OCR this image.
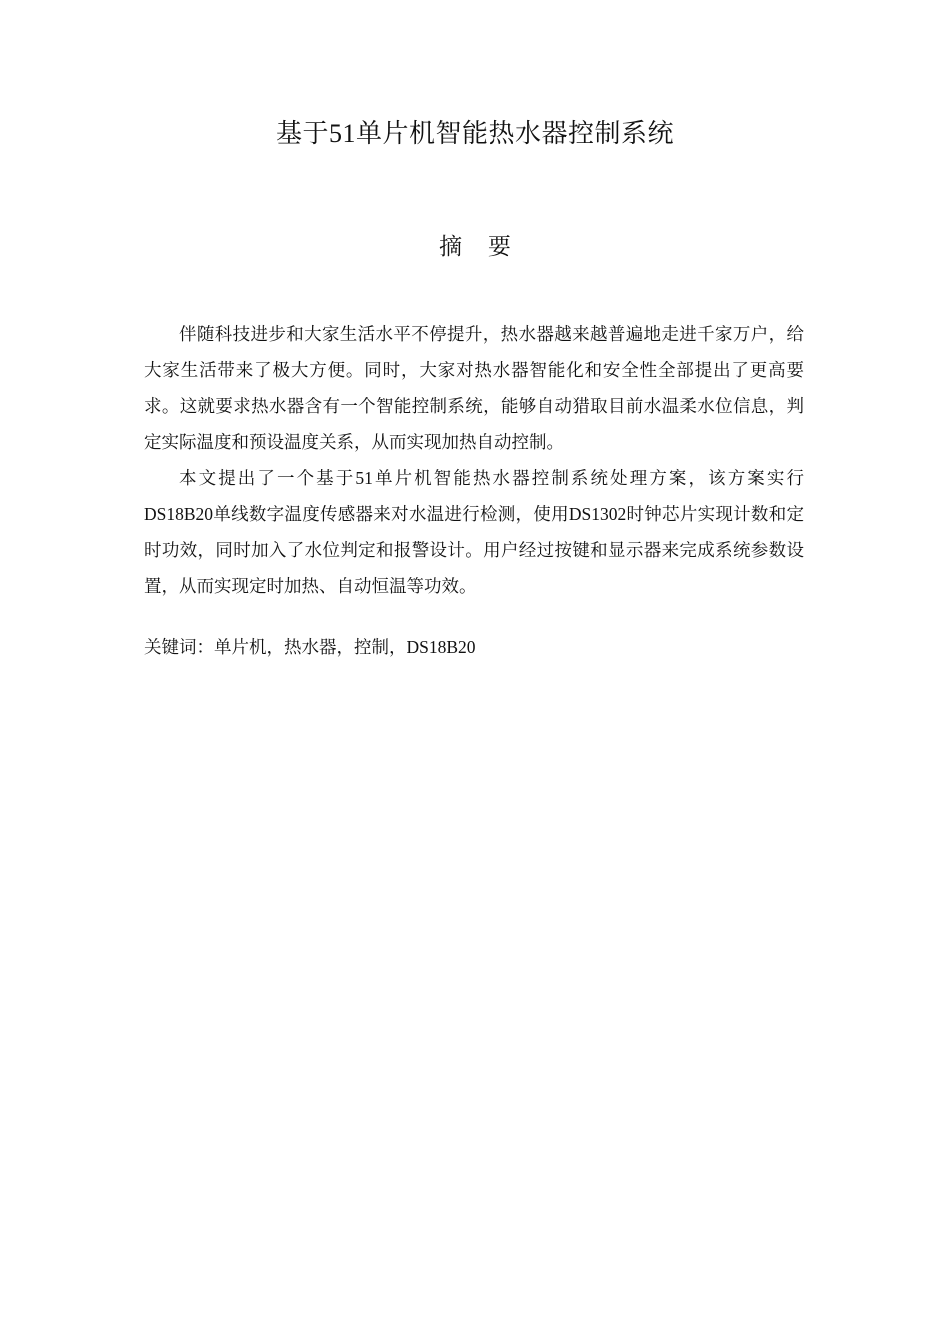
基于51单片机智能热水器控制系统
摘 要

伴随科技进步和大家生活水平不停提升，热水器越来越普遍地走进千家万户，给大家生活带来了极大方便。同时，大家对热水器智能化和安全性全部提出了更高要求。这就要求热水器含有一个智能控制系统，能够自动猎取目前水温柔水位信息，判定实际温度和预设温度关系，从而实现加热自动控制。

本文提出了一个基于51单片机智能热水器控制系统处理方案，该方案实行DS18B20单线数字温度传感器来对水温进行检测，使用DS1302时钟芯片实现计数和定时功效，同时加入了水位判定和报警设计。用户经过按键和显示器来完成系统参数设置，从而实现定时加热、自动恒温等功效。

关键词：单片机，热水器，控制，DS18B20
